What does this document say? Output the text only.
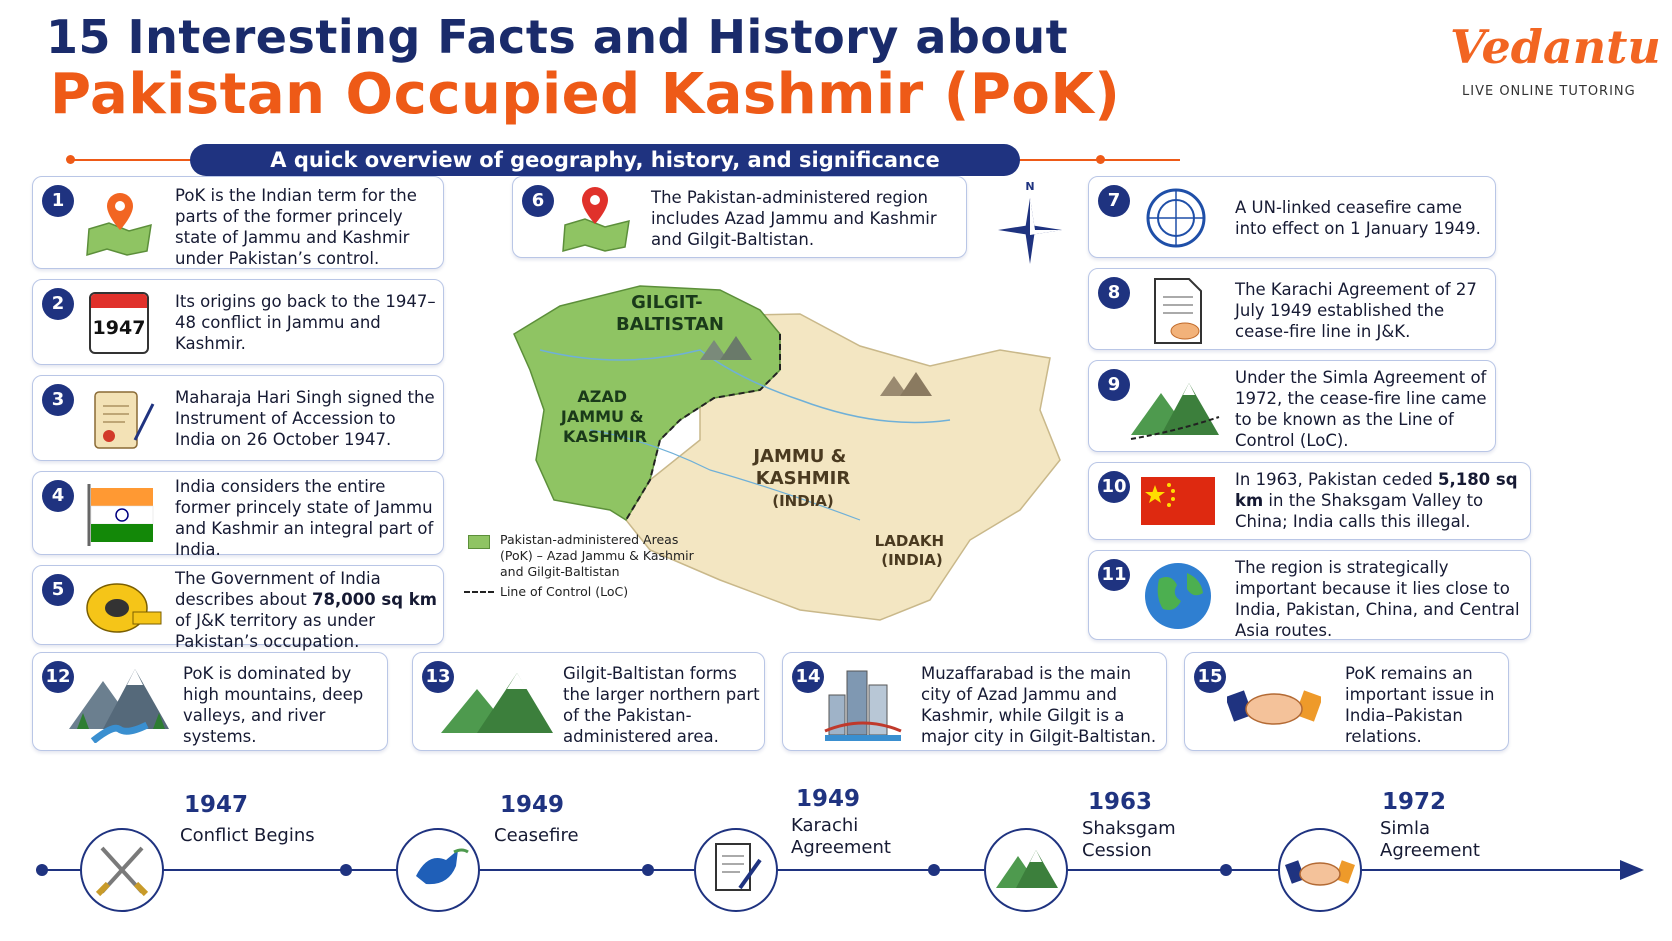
15 Interesting Facts and History about
Pakistan Occupied Kashmir (PoK)
A quick overview of geography, history, and significance
Vedantu
LIVE ONLINE TUTORING
1	PoK is the Indian term for the parts of the former princely state of Jammu and Kashmir under Pakistan’s control.
2
1947
Its origins go back to the 1947–48 conflict in Jammu and Kashmir.
3	Maharaja Hari Singh signed the Instrument of Accession to India on 26 October 1947.
4	India considers the entire former princely state of Jammu and Kashmir an integral part of India.
5
The Government of India describes about 78,000 sq km of J&K territory as under Pakistan’s occupation.
6	The Pakistan-administered region includes Azad Jammu and Kashmir and Gilgit-Baltistan.
N
GILGIT- BALTISTAN
AZAD JAMMU & KASHMIR
JAMMU & KASHMIR
(INDIA)
LADAKH (INDIA)
Pakistan-administered Areas
(PoK) – Azad Jammu & Kashmir
and Gilgit-Baltistan
Line of Control (LoC)
7	A UN-linked ceasefire came into effect on 1 January 1949.
8	The Karachi Agreement of 27 July 1949 established the cease-fire line in J&K.
9	Under the Simla Agreement of 1972, the cease-fire line came to be known as the Line of Control (LoC).
10	In 1963, Pakistan ceded 5,180 sq km in the Shaksgam Valley to China; India calls this illegal.
11	The region is strategically important because it lies close to India, Pakistan, China, and Central Asia routes.
12	PoK is dominated by high mountains, deep valleys, and river systems.
13	Gilgit-Baltistan forms the larger northern part of the Pakistan-administered area.
14	Muzaffarabad is the main city of Azad Jammu and Kashmir, while Gilgit is a major city in Gilgit-Baltistan.
15	PoK remains an important issue in India–Pakistan relations.
1947
Conflict Begins
1949
Ceasefire
1949
Karachi
Agreement
1963
Shaksgam
Cession
1972
Simla
Agreement
